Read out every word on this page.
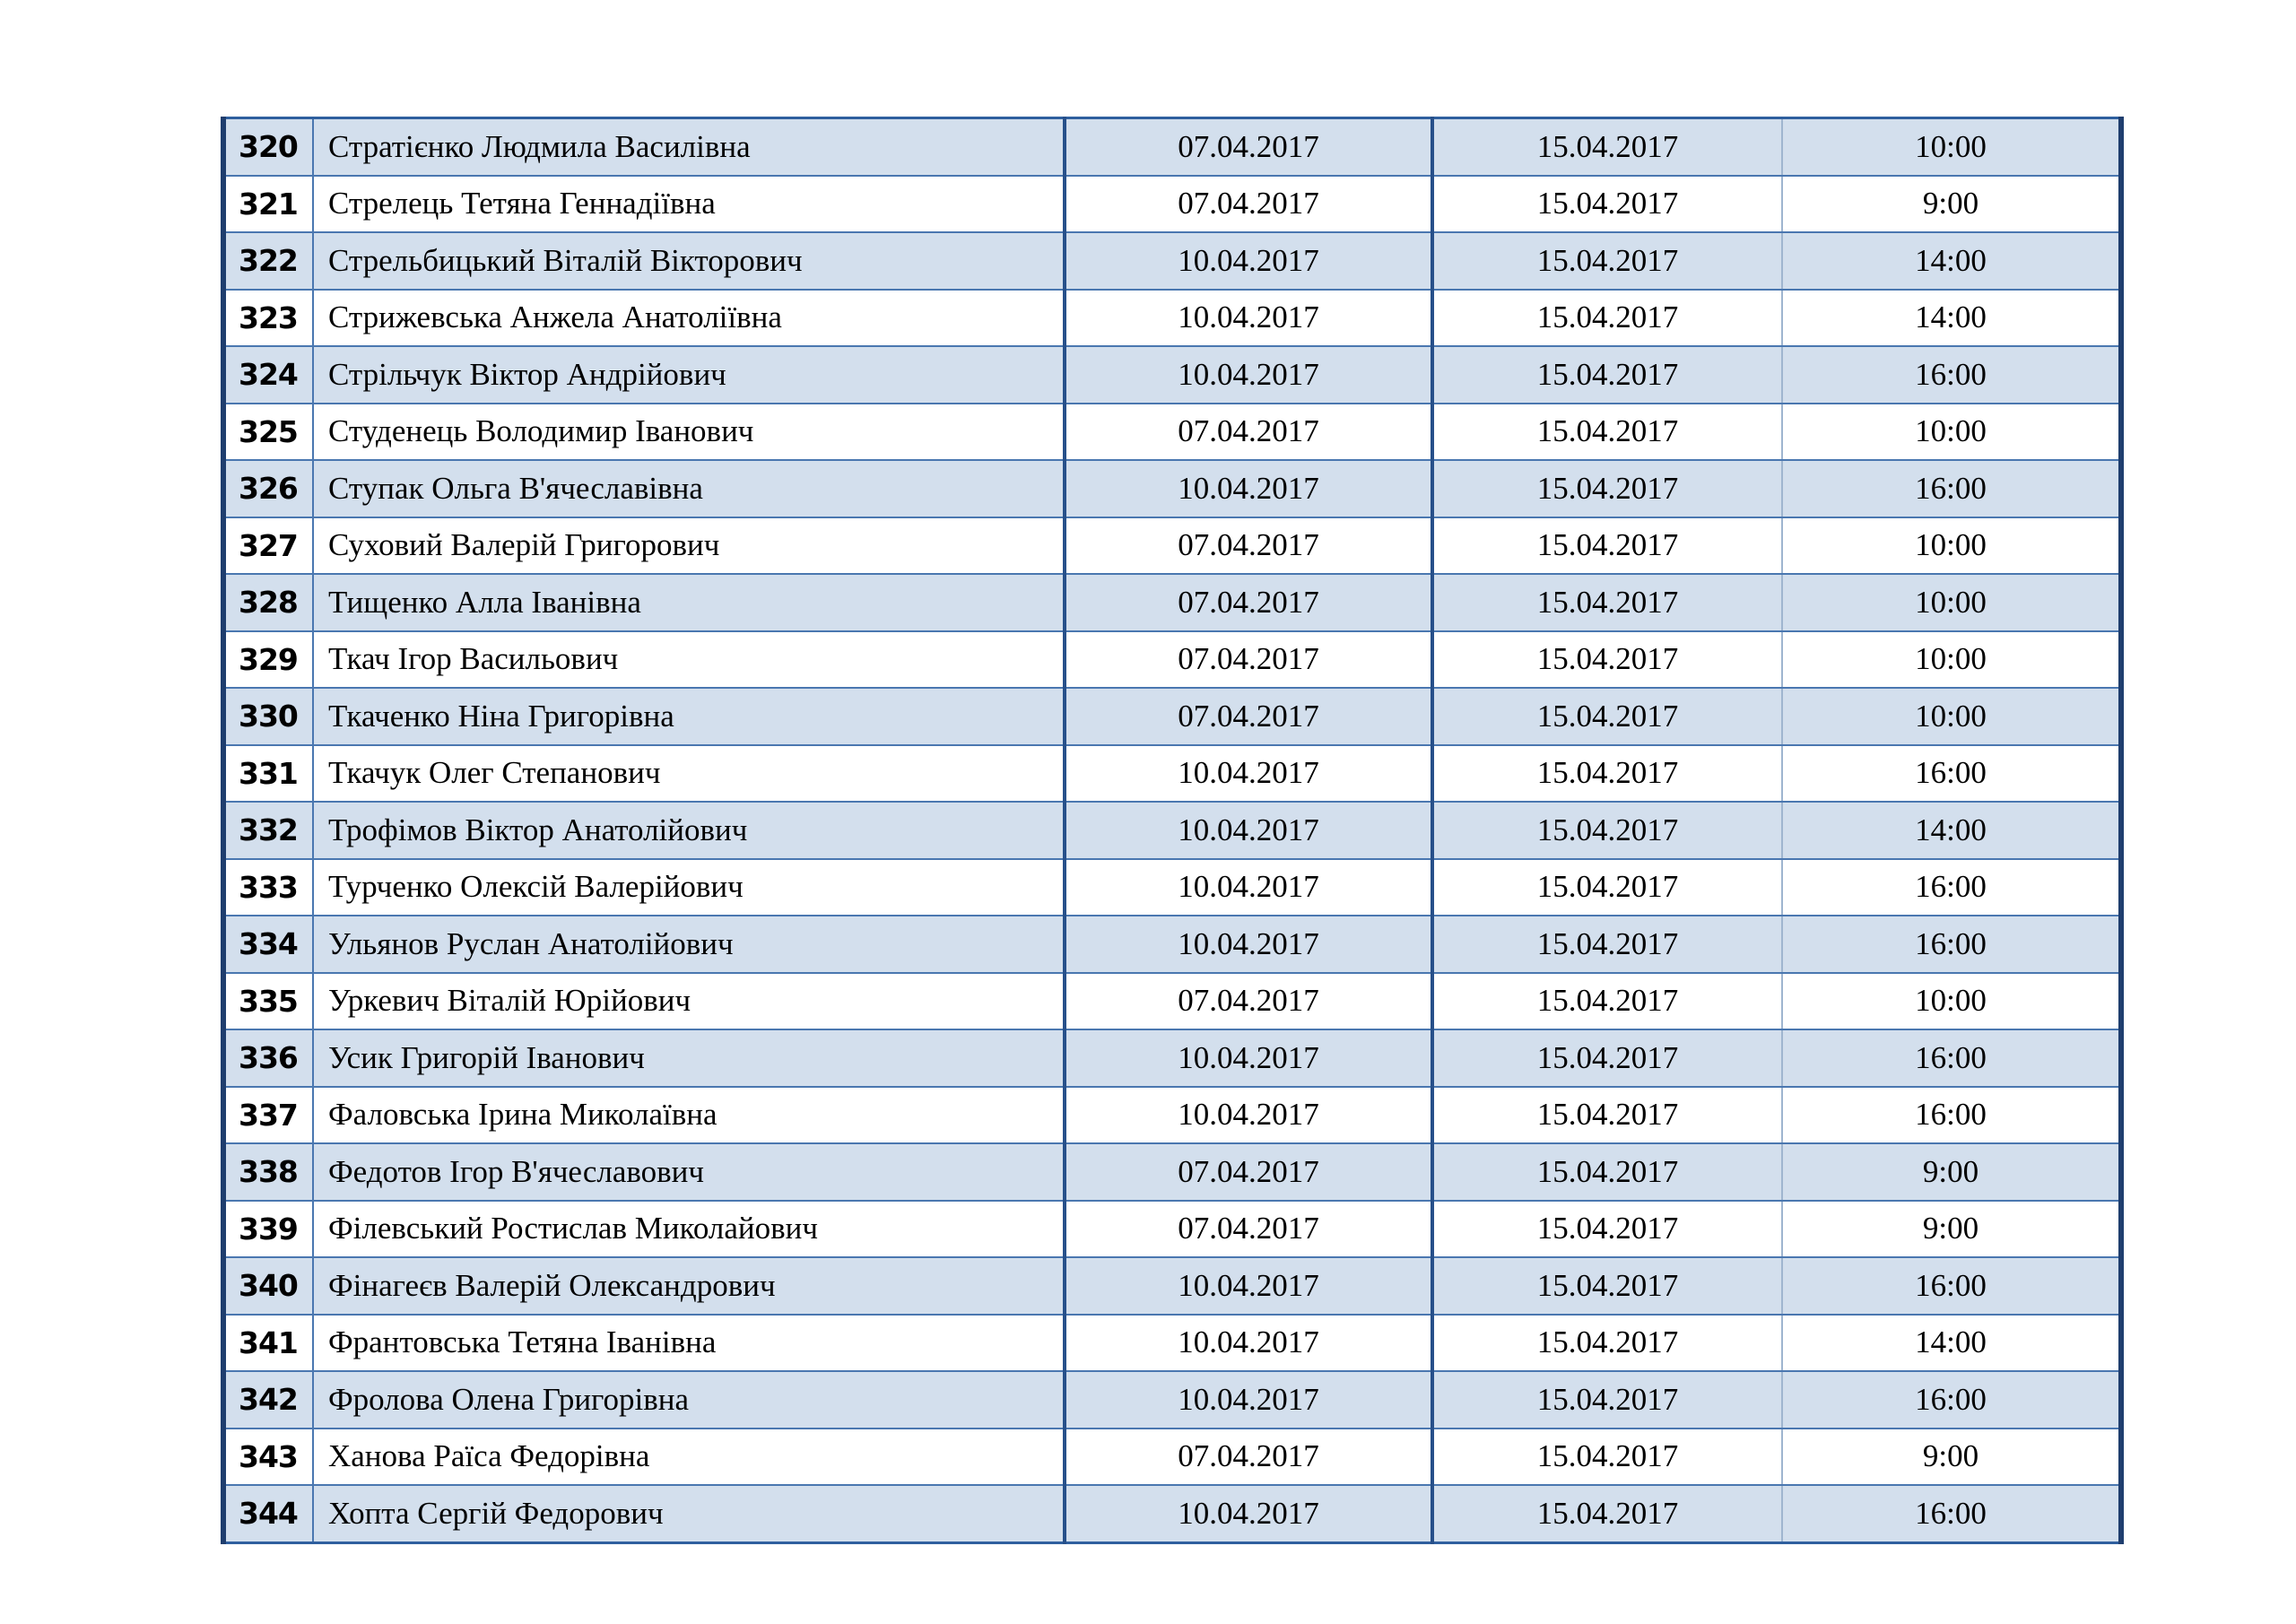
320	Стратієнко Людмила Василівна	07.04.2017	15.04.2017	10:00
321	Стрелець Тетяна Геннадіївна	07.04.2017	15.04.2017	9:00
322	Стрельбицький Віталій Вікторович	10.04.2017	15.04.2017	14:00
323	Стрижевська Анжела Анатоліївна	10.04.2017	15.04.2017	14:00
324	Стрільчук Віктор Андрійович	10.04.2017	15.04.2017	16:00
325	Студенець Володимир Іванович	07.04.2017	15.04.2017	10:00
326	Ступак Ольга В'ячеславівна	10.04.2017	15.04.2017	16:00
327	Суховий Валерій Григорович	07.04.2017	15.04.2017	10:00
328	Тищенко Алла Іванівна	07.04.2017	15.04.2017	10:00
329	Ткач Ігор Васильович	07.04.2017	15.04.2017	10:00
330	Ткаченко Ніна Григорівна	07.04.2017	15.04.2017	10:00
331	Ткачук Олег Степанович	10.04.2017	15.04.2017	16:00
332	Трофімов Віктор Анатолійович	10.04.2017	15.04.2017	14:00
333	Турченко Олексій Валерійович	10.04.2017	15.04.2017	16:00
334	Ульянов Руслан Анатолійович	10.04.2017	15.04.2017	16:00
335	Уркевич Віталій Юрійович	07.04.2017	15.04.2017	10:00
336	Усик Григорій Іванович	10.04.2017	15.04.2017	16:00
337	Фаловська Ірина Миколаївна	10.04.2017	15.04.2017	16:00
338	Федотов Ігор В'ячеславович	07.04.2017	15.04.2017	9:00
339	Філевський Ростислав Миколайович	07.04.2017	15.04.2017	9:00
340	Фінагеєв Валерій Олександрович	10.04.2017	15.04.2017	16:00
341	Франтовська Тетяна Іванівна	10.04.2017	15.04.2017	14:00
342	Фролова Олена Григорівна	10.04.2017	15.04.2017	16:00
343	Ханова Раїса Федорівна	07.04.2017	15.04.2017	9:00
344	Хопта Сергій Федорович	10.04.2017	15.04.2017	16:00
